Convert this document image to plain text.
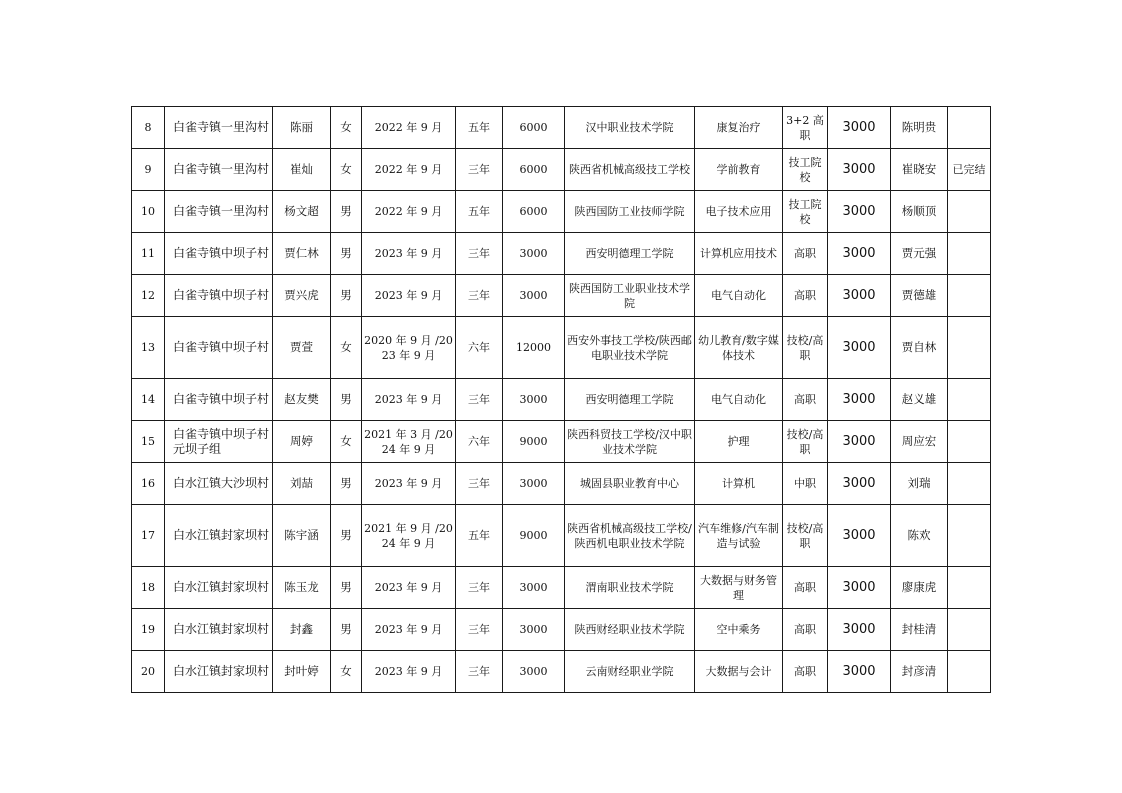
8	白雀寺镇一里沟村	陈丽	女	2022 年 9 月	五年	6000	汉中职业技术学院	康复治疗	3+2 高职	3000	陈明贵	
9	白雀寺镇一里沟村	崔灿	女	2022 年 9 月	三年	6000	陕西省机械高级技工学校	学前教育	技工院校	3000	崔晓安	已完结
10	白雀寺镇一里沟村	杨文超	男	2022 年 9 月	五年	6000	陕西国防工业技师学院	电子技术应用	技工院校	3000	杨顺顶	
11	白雀寺镇中坝子村	贾仁林	男	2023 年 9 月	三年	3000	西安明德理工学院	计算机应用技术	高职	3000	贾元强	
12	白雀寺镇中坝子村	贾兴虎	男	2023 年 9 月	三年	3000	陕西国防工业职业技术学院	电气自动化	高职	3000	贾德雄	
13	白雀寺镇中坝子村	贾萱	女	2020 年 9 月 /2023 年 9 月	六年	12000	西安外事技工学校/陕西邮电职业技术学院	幼儿教育/数字媒体技术	技校/高职	3000	贾自林	
14	白雀寺镇中坝子村	赵友樊	男	2023 年 9 月	三年	3000	西安明德理工学院	电气自动化	高职	3000	赵义雄	
15	白雀寺镇中坝子村元坝子组	周婷	女	2021 年 3 月 /2024 年 9 月	六年	9000	陕西科贸技工学校/汉中职业技术学院	护理	技校/高职	3000	周应宏	
16	白水江镇大沙坝村	刘喆	男	2023 年 9 月	三年	3000	城固县职业教育中心	计算机	中职	3000	刘瑞	
17	白水江镇封家坝村	陈宇涵	男	2021 年 9 月 /2024 年 9 月	五年	9000	陕西省机械高级技工学校/陕西机电职业技术学院	汽车维修/汽车制造与试验	技校/高职	3000	陈欢	
18	白水江镇封家坝村	陈玉龙	男	2023 年 9 月	三年	3000	渭南职业技术学院	大数据与财务管理	高职	3000	廖康虎	
19	白水江镇封家坝村	封鑫	男	2023 年 9 月	三年	3000	陕西财经职业技术学院	空中乘务	高职	3000	封桂清	
20	白水江镇封家坝村	封叶婷	女	2023 年 9 月	三年	3000	云南财经职业学院	大数据与会计	高职	3000	封彦清	
